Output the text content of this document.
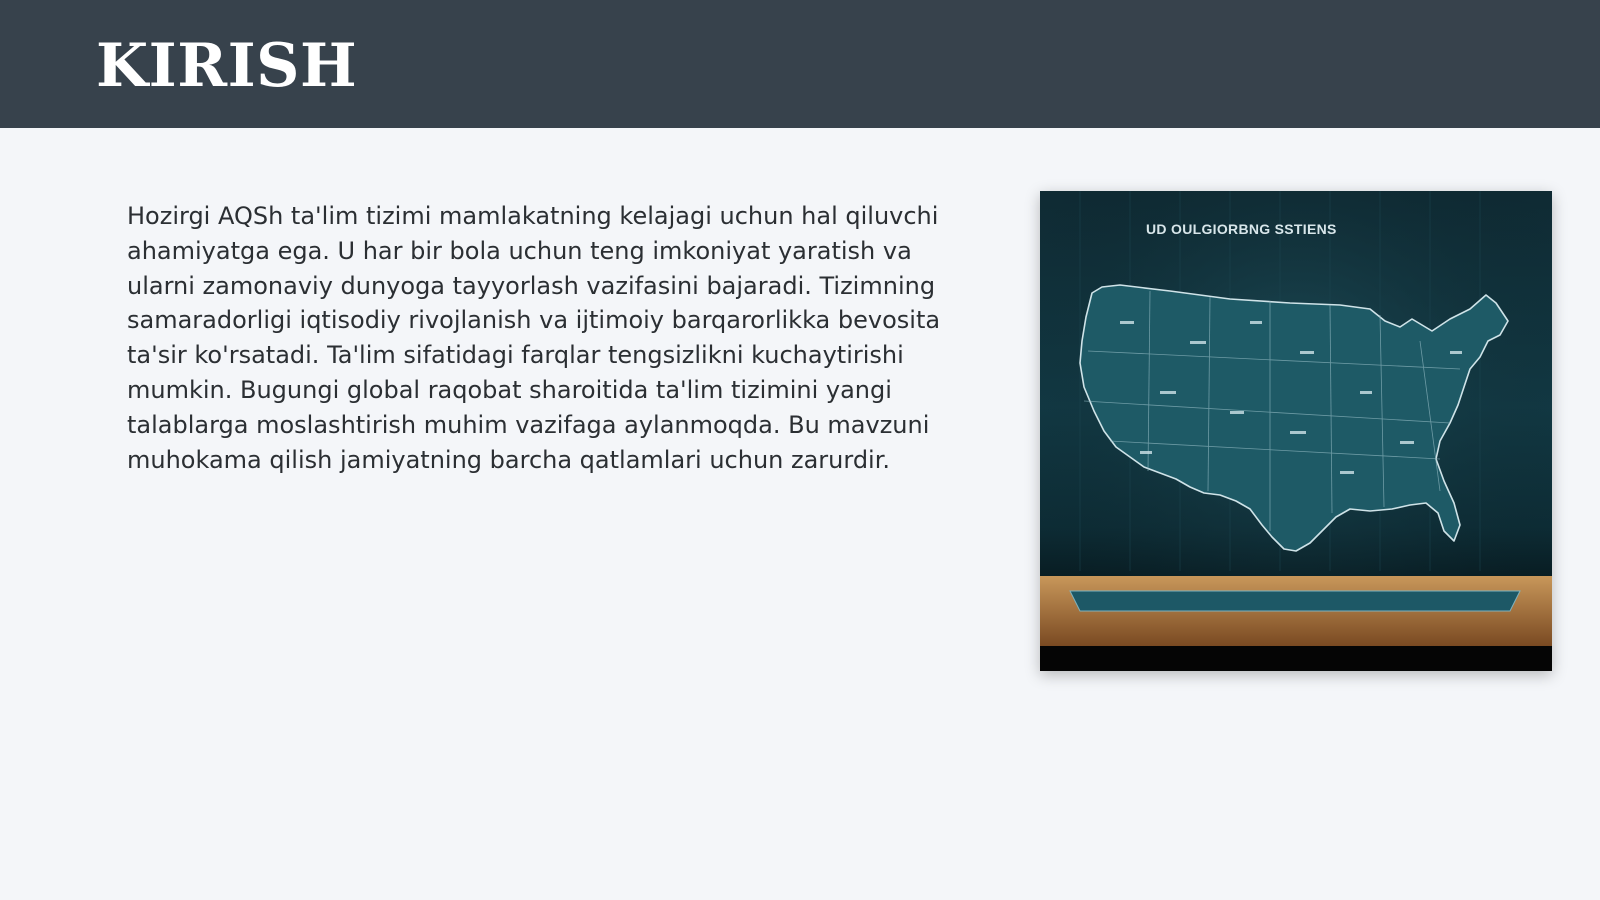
KIRISH

Hozirgi AQSh ta'lim tizimi mamlakatning kelajagi uchun hal qiluvchi ahamiyatga ega. U har bir bola uchun teng imkoniyat yaratish va ularni zamonaviy dunyoga tayyorlash vazifasini bajaradi. Tizimning samaradorligi iqtisodiy rivojlanish va ijtimoiy barqarorlikka bevosita ta'sir ko'rsatadi. Ta'lim sifatidagi farqlar tengsizlikni kuchaytirishi mumkin. Bugungi global raqobat sharoitida ta'lim tizimini yangi talablarga moslashtirish muhim vazifaga aylanmoqda. Bu mavzuni muhokama qilish jamiyatning barcha qatlamlari uchun zarurdir.

UD OULGIORBNG SSTIENS
